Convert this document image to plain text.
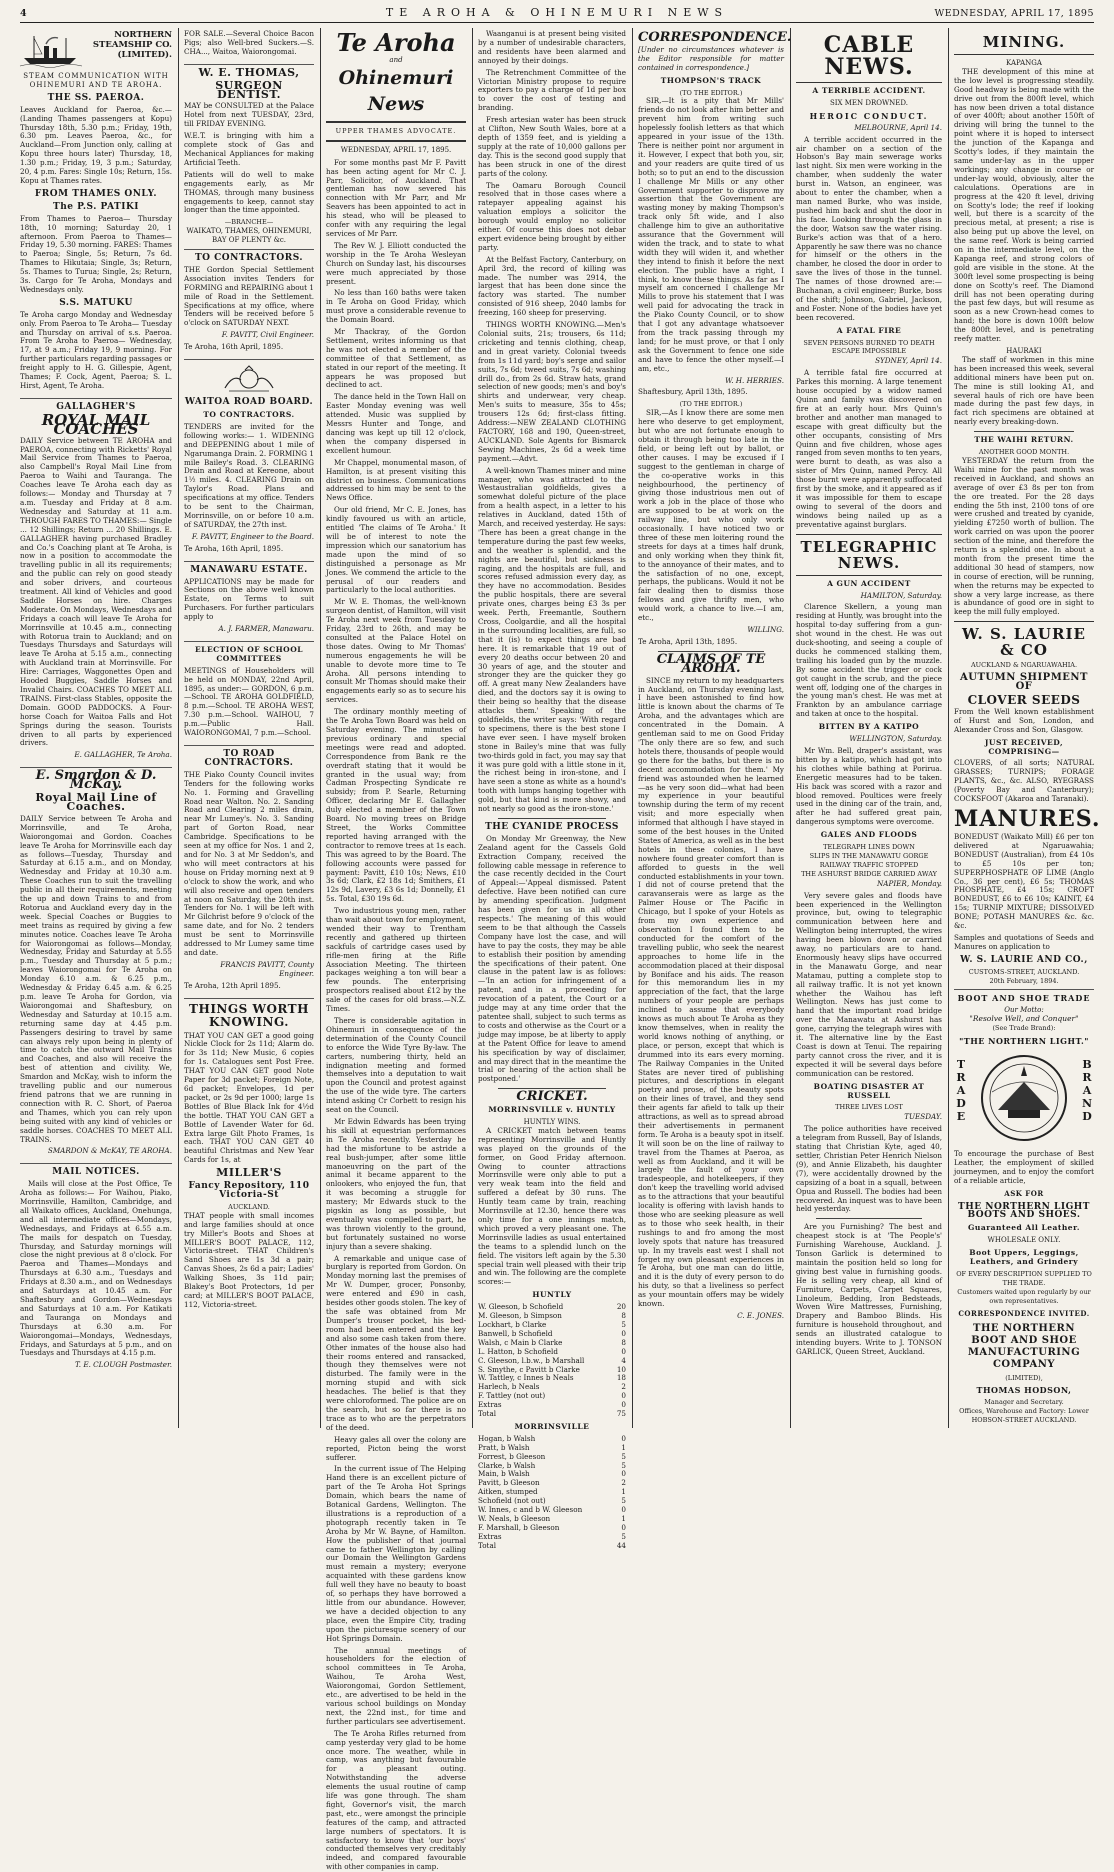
4	TE AROHA & OHINEMURI NEWS	WEDNESDAY, APRIL 17, 1895
NORTHERN STEAMSHIP CO. (LIMITED).
STEAM COMMUNICATION WITH OHINEMURI AND TE AROHA.
THE SS. PAEROA.

Leaves Auckland for Paeroa, &c.—(Landing Thames passengers at Kopu) Thursday 18th, 5.30 p.m.; Friday, 19th, 6.30 pm. Leaves Paeroa, &c., for Auckland—From Junction only, calling at Kopu three hours later) Thursday, 18, 1.30 p.m.; Friday, 19, 3 p.m.; Saturday, 20, 4 p.m. Fares: Single 10s; Return, 15s. Kopu at Thames rates.

FROM THAMES ONLY.
The P.S. PATIKI

From Thames to Paeroa— Thursday 18th, 10 morning; Saturday 20, 1 afternoon. From Paeroa to Thames— Friday 19, 5.30 morning. FARES: Thames to Paeroa; Single, 5s; Return, 7s 6d. Thames to Hikutaia; Single, 3s; Return, 5s. Thames to Turua; Single, 2s; Return, 3s. Cargo for Te Aroha, Mondays and Wednesdays only.

S.S. MATUKU

Te Aroha cargo Monday and Wednesday only. From Paeroa to Te Aroha— Tuesday and Thursday on arrival of s.s. Paeroa. From Te Aroha to Paeroa— Wednesday, 17, at 9 a.m.; Friday 19, 9 morning. For further particulars regarding passages or freight apply to H. G. Gillespie, Agent, Thames; F. Cock, Agent, Paeroa; S. L. Hirst, Agent, Te Aroha.

GALLAGHER'S
ROYAL MAIL COACHES

DAILY Service between TE AROHA and PAEROA, connecting with Ricketts' Royal Mail Service from Thames to Paeroa, also Campbell's Royal Mail Line from Paeroa to Waihi and Tauranga. The Coaches leave Te Aroha each day as follows:— Monday and Thursday at 7 a.m. Tuesday and Friday at 8 a.m. Wednesday and Saturday at 11 a.m. THROUGH FARES TO THAMES:— Single ... 12 Shillings; Return ... 20 Shillings. E. GALLAGHER having purchased Bradley and Co.'s Coaching plant at Te Aroha, is now in a position to accommodate the travelling public in all its requirements; and the public can rely on good steady and sober drivers, and courteous treatment. All kind of Vehicles and good Saddle Horses on hire. Charges Moderate. On Mondays, Wednesdays and Fridays a coach will leave Te Aroha for Morrinsville at 10.45 a.m., connecting with Rotorua train to Auckland; and on Tuesdays Thursdays and Saturdays will leave Te Aroha at 5.15 a.m., connecting with Auckland train at Morrinsville. For Hire: Carriages, Waggonettes Open and Hooded Buggies, Saddle Horses and Invalid Chairs. COACHES TO MEET ALL TRAINS. First-class Stables, opposite the Domain. GOOD PADDOCKS. A Four-horse Coach for Waitoa Falls and Hot Springs during the season. Tourists driven to all parts by experienced drivers.

E. GALLAGHER, Te Aroha.
E. Smardon & D. McKay.
Royal Mail Line of Coaches.

DAILY Service between Te Aroha and Morrinsville, and Te Aroha, Waiorongomai and Gordon. Coaches leave Te Aroha for Morrinsville each day as follows—Tuesday, Thursday and Saturday at 6.15 a.m., and on Monday, Wednesday and Friday at 10.30 a.m. These Coaches run to suit the travelling public in all their requirements, meeting the up and down Trains to and from Rotorua and Auckland every day in the week. Special Coaches or Buggies to meet trains as required by giving a few minutes notice. Coaches leave Te Aroha for Waiorongomai as follows—Monday, Wednesday, Friday and Saturday at 5.55 p.m., Tuesday and Thursday at 5 p.m.; leaves Waiorongomai for Te Aroha on Monday 6.10 a.m. & 6.25 p.m., Wednesday & Friday 6.45 a.m. & 6.25 p.m. leave Te Aroha for Gordon, via Waiorongomai and Shaftesbury, on Wednesday and Saturday at 10.15 a.m. returning same day at 4.45 p.m. Passengers desiring to travel by same can always rely upon being in plenty of time to catch the outward Mail Trains and Coaches, and also will receive the best of attention and civility. We, Smardon and McKay, wish to inform the travelling public and our numerous friend patrons that we are running in connection with R. C. Short, of Paeroa and Thames, which you can rely upon being suited with any kind of vehicles or saddle horses. COACHES TO MEET ALL TRAINS.

SMARDON & McKAY, TE AROHA.
MAIL NOTICES.

Mails will close at the Post Office, Te Aroha as follows:— For Waihou, Piako, Morrinsville, Hamilton, Cambridge, and all Waikato offices, Auckland, Onehunga, and all intermediate offices—Mondays, Wednesdays, and Fridays at 6.55 a.m. The mails for despatch on Tuesday, Thursday, and Saturday mornings will close the night previous at 8 o'clock. For Paeroa and Thames—Mondays and Thursdays at 6.30 a.m., Tuesdays and Fridays at 8.30 a.m., and on Wednesdays and Saturdays at 10.45 a.m. For Shaftesbury and Gordon—Wednesdays and Saturdays at 10 a.m. For Katikati and Tauranga on Mondays and Thursdays at 6.30 a.m. For Waiorongomai—Mondays, Wednesdays, Fridays, and Saturdays at 5 p.m., and on Tuesdays and Thursdays at 4.15 p.m.

T. E. CLOUGH Postmaster.

FOR SALE.—Several Choice Bacon Pigs; also Well-bred Suckers.—S. CHA..., Waitoa, Waiorongomai.

W. E. THOMAS,
SURGEON DENTIST.

MAY be CONSULTED at the Palace Hotel from next TUESDAY, 23rd, till FRIDAY EVENING.

W.E.T. is bringing with him a complete stock of Gas and Mechanical Appliances for making Artificial Teeth.

Patients will do well to make engagements early, as Mr THOMAS, through many business engagements to keep, cannot stay longer than the time appointed.

—BRANCHE—
WAIKATO, THAMES, OHINEMURI, BAY OF PLENTY &c.
TO CONTRACTORS.

THE Gordon Special Settlement Association invites Tenders for FORMING and REPAIRING about 1 mile of Road in the Settlement. Specifications at my office, where Tenders will be received before 5 o'clock on SATURDAY NEXT.

F. PAVITT, Civil Engineer.

Te Aroha, 16th April, 1895.

WAITOA ROAD BOARD.
TO CONTRACTORS.

TENDERS are invited for the following works:— 1. WIDENING and DEEPENING about 1 mile of Ngarumanga Drain. 2. FORMING 1 mile Bailey's Road. 3. CLEARING Drain and Road at Kereone, about 1½ miles. 4. CLEARING Drain on Taylor's Road. Plans and specifications at my office. Tenders to be sent to the Chairman, Morrinsville, on or before 10 a.m. of SATURDAY, the 27th inst.

F. PAVITT, Engineer to the Board.

Te Aroha, 16th April, 1895.

MANAWARU ESTATE.

APPLICATIONS may be made for Sections on the above well known Estate, on Terms to suit Purchasers. For further particulars apply to

A. J. FARMER, Manawaru.
ELECTION OF SCHOOL COMMITTEES

MEETINGS of Householders will be held on MONDAY, 22nd April, 1895, as under:— GORDON, 6 p.m.—School. TE AROHA GOLDFIELD, 8 p.m.—School. TE AROHA WEST, 7.30 p.m.—School. WAIHOU, 7 p.m.—Public Hall. WAIORONGOMAI, 7 p.m.—School.

TO ROAD CONTRACTORS.

THE Piako County Council invites Tenders for the following works No. 1. Forming and Gravelling Road near Walton. No. 2. Sanding Road and Clearing 2 miles drain, near Mr Lumey's. No. 3. Sanding part of Gorton Road, near Cambridge. Specifications to be seen at my office for Nos. 1 and 2, and for No. 3 at Mr Seddon's, and who will meet contractors at his house on Friday morning next at 9 o'clock to show the work, and who will also receive and open tenders at noon on Saturday, the 20th inst. Tenders for No. 1 will be left with Mr Gilchrist before 9 o'clock of the same date, and for No. 2 tenders must be sent to Morrinsville addressed to Mr Lumey same time and date.

FRANCIS PAVITT, County Engineer.

Te Aroha, 12th April 1895.

THINGS WORTH KNOWING.

THAT YOU CAN GET a good going Nickle Clock for 2s 11d; Alarm do. for 3s 11d; New Music, 6 copies for 1s. Catalogues sent Post Free. THAT YOU CAN GET good Note Paper for 3d packet; Foreign Note, 6d packet; Envelopes, 1d per packet, or 2s 9d per 1000; large 1s Bottles of Blue Black Ink for 4½d the bottle. THAT YOU CAN GET a Bottle of Lavender Water for 6d. Extra large Gilt Photo Frames, 1s each. THAT YOU CAN GET 40 beautiful Christmas and New Year Cards for 1s, at

MILLER'S
Fancy Repository, 110 Victoria-St
AUCKLAND.

THAT people with small incomes and large families should at once try Miller's Boots and Shoes at MILLER'S BOOT PALACE, 112, Victoria-street. THAT Children's Sand Shoes are 1s 3d a pair; Canvas Shoes, 2s 6d a pair; Ladies' Walking Shoes, 3s 11d pair; Blakey's Boot Protectors, 1d per card; at MILLER'S BOOT PALACE, 112, Victoria-street.

Te Aroha
and
Ohinemuri News
UPPER THAMES ADVOCATE.
WEDNESDAY, APRIL 17, 1895.

For some months past Mr F. Pavitt has been acting agent for Mr C. J. Parr, Solicitor, of Auckland. That gentleman has now severed his connection with Mr Parr, and Mr Seavers has been appointed to act in his stead, who will be pleased to confer with any requiring the legal services of Mr Parr.

The Rev W. J. Elliott conducted the worship in the Te Aroha Wesleyan Church on Sunday last, his discourses were much appreciated by those present.

No less than 160 baths were taken in Te Aroha on Good Friday, which must prove a considerable revenue to the Domain Board.

Mr Thackray, of the Gordon Settlement, writes informing us that he was not elected a member of the committee of that Settlement, as stated in our report of the meeting. It appears he was proposed but declined to act.

The dance held in the Town Hall on Easter Monday evening was well attended. Music was supplied by Messrs Hunter and Tonge, and dancing was kept up till 12 o'clock, when the company dispersed in excellent humour.

Mr Chappel, monumental mason, of Hamilton, is at present visiting this district on business. Communications addressed to him may be sent to the News Office.

Our old friend, Mr C. E. Jones, has kindly favoured us with an article, entitled 'The claims of Te Aroha.' It will be of interest to note the impression which our sanatorium has made upon the mind of so distinguished a personage as Mr Jones. We commend the article to the perusal of our readers and particularly to the local authorities.

Mr W. E. Thomas, the well-known surgeon dentist, of Hamilton, will visit Te Aroha next week from Tuesday to Friday, 23rd to 26th, and may be consulted at the Palace Hotel on those dates. Owing to Mr Thomas' numerous engagements he will be unable to devote more time to Te Aroha. All persons intending to consult Mr Thomas should make their engagements early so as to secure his services.

The ordinary monthly meeting of the Te Aroha Town Board was held on Saturday evening. The minutes of previous ordinary and special meetings were read and adopted. Correspondence from Bank re the overdraft stating that it would be granted in the usual way; from Cadman Prospecting Syndicate re subsidy; from P. Searle, Returning Officer, declaring Mr E. Gallagher duly elected a member of the Town Board. No moving trees on Bridge Street, the Works Committee reported having arranged with the contractor to remove trees at 1s each. This was agreed to by the Board. The following accounts were passed for payment: Pavitt, £10 10s; News, £10 3s 6d; Clark, £2 18s 1d; Smithers, £1 12s 9d, Lavery, £3 6s 1d; Donnelly, £1 5s. Total, £30 19s 6d.

Two industrious young men, rather than wait about town for employment, wended their way to Trentham recently and gathered up thirteen sackfuls of cartridge cases used by rifle-men firing at the Rifle Association Meeting. The thirteen packages weighing a ton will bear a few pounds. The enterprising prospectors realised about £12 by the sale of the cases for old brass.—N.Z. Times.

There is considerable agitation in Ohinemuri in consequence of the determination of the County Council to enforce the Wide Tyre By-law. The carters, numbering thirty, held an indignation meeting and formed themselves into a deputation to wait upon the Council and protest against the use of the wide tyre. The carters intend asking Cr Corbett to resign his seat on the Council.

Mr Edwin Edwards has been trying his skill at equestrian performances in Te Aroha recently. Yesterday he had the misfortune to be astride a real bush-jumper, after some little manoeuvring on the part of the animal it became apparent to the onlookers, who enjoyed the fun, that it was becoming a struggle for mastery; Mr Edwards stuck to the pigskin as long as possible, but eventually was compelled to part, he was thrown violently to the ground, but fortunately sustained no worse injury than a severe shaking.

A remarkable and unique case of burglary is reported from Gordon. On Monday morning last the premises of Mr W. Dumper, grocer, Ponsonby, were entered and £90 in cash, besides other goods stolen. The key of the safe was obtained from Mr Dumper's trouser pocket, his bed-room had been entered and the key and also some cash taken from there. Other inmates of the house also had their rooms entered and ransacked, though they themselves were not disturbed. The family were in the morning stupid and with sick headaches. The belief is that they were chloroformed. The police are on the search, but so far there is no trace as to who are the perpetrators of the deed.

Heavy gales all over the colony are reported, Picton being the worst sufferer.

In the current issue of The Helping Hand there is an excellent picture of part of the Te Aroha Hot Springs Domain, which bears the name of Botanical Gardens, Wellington. The illustrations is a reproduction of a photograph recently taken in Te Aroha by Mr W. Bayne, of Hamilton. How the publisher of that journal came to father Wellington by calling our Domain the Wellington Gardens must remain a mystery; everyone acquainted with these gardens know full well they have no beauty to boast of, so perhaps they have borrowed a little from our abundance. However, we have a decided objection to any place, even the Empire City, trading upon the picturesque scenery of our Hot Springs Domain.

The annual meetings of householders for the election of school committees in Te Aroha, Waihou, Te Aroha West, Waiorongomai, Gordon Settlement, etc., are advertised to be held in the various school buildings on Monday next, the 22nd inst., for time and further particulars see advertisement.

The Te Aroha Rifles returned from camp yesterday very glad to be home once more. The weather, while in camp, was anything but favourable for a pleasant outing. Notwithstanding the adverse elements the usual routine of camp life was gone through. The sham fight, Governor's visit, the march past, etc., were amongst the principle features of the camp, and attracted large numbers of spectators. It is satisfactory to know that 'our boys' conducted themselves very creditably indeed, and compared favourable with other companies in camp.

Waanganui is at present being visited by a number of undesirable characters, and residents have been alarmed and annoyed by their doings.

The Retrenchment Committee of the Victorian Ministry propose to require exporters to pay a charge of 1d per box to cover the cost of testing and branding.

Fresh artesian water has been struck at Clifton, New South Wales, bore at a depth of 1359 feet, and is yielding a supply at the rate of 10,000 gallons per day. This is the second good supply that has been struck in one of the direst parts of the colony.

The Oamaru Borough Council resolved that in those cases where a ratepayer appealing against his valuation employs a solicitor the borough would employ no solicitor either. Of course this does not debar expert evidence being brought by either party.

At the Belfast Factory, Canterbury, on April 3rd, the record of killing was made. The number was 2914, the largest that has been done since the factory was started. The number consisted of 916 sheep, 2040 lambs for freezing, 160 sheep for preserving.

THINGS WORTH KNOWING.—Men's Colonial suits, 21s; trousers, 6s 11d; cricketing and tennis clothing, cheap, and in great variety. Colonial tweeds from 1s 11d yard; boy's serge and sailor suits, 7s 6d; tweed suits, 7s 6d; washing drill do., from 2s 6d. Straw hats, grand selection of new goods; men's and boy's shirts and underwear, very cheap. Men's suits to measure, 35s to 45s; trousers 12s 6d; first-class fitting. Address:—NEW ZEALAND CLOTHING FACTORY, 168 and 190, Queen-street, AUCKLAND. Sole Agents for Bismarck Sewing Machines, 2s 6d a week time payment.—Advt.

A well-known Thames miner and mine manager, who was attracted to the Westaustralian goldfields, gives a somewhat doleful picture of the place from a health aspect, in a letter to his relatives in Auckland, dated 15th of March, and received yesterday. He says: 'There has been a great change in the temperature during the past few weeks, and the weather is splendid, and the nights are beautiful, but sickness is raging, and the hospitals are full, and scores refused admission every day, as they have no accommodation. Besides the public hospitals, there are several private ones, charges being £3 3s per week. Perth, Freemantle, Southern Cross, Coolgardie, and all the hospital in the surrounding localities, are full, so that it (is) to expect things are bad here. It is remarkable that 19 out of every 20 deaths occur between 20 and 30 years of age, and the stouter and stronger they are the quicker they go off. A great many New Zealanders have died, and the doctors say it is owing to their being so healthy that the disease attacks them.' Speaking of the goldfields, the writer says: 'With regard to specimens, there is the best stone I have ever seen. I have myself broken stone in Bailey's mine that was fully two-thirds gold in fact, you may say that it was pure gold with a little stone in it, the richest being in iron-stone, and I have seen a stone as white as a hound's tooth with lumps hanging together with gold, but that kind is more showy, and not nearly so good as the iron-stone.'

THE CYANIDE PROCESS

On Monday Mr Greenway, the New Zealand agent for the Cassels Gold Extraction Company, received the following cable message in reference to the case recently decided in the Court of Appeal:—'Appeal dismissed. Patent defective. Have been notified can cure by amending specification. Judgment has been given for us in all other respects.' The meaning of this would seem to be that although the Cassels Company have lost the case, and will have to pay the costs, they may be able to establish their position by amending the specifications of their patent. One clause in the patent law is as follows:—'In an action for infringement of a patent, and in a proceeding for revocation of a patent, the Court or a judge may at any time order that the patentee shall, subject to such terms as to costs and otherwise as the Court or a judge may impose, be at liberty to apply at the Patent Office for leave to amend his specification by way of disclaimer, and may direct that in the meantime the trial or hearing of the action shall be postponed.'

CRICKET.
MORRINSVILLE v. HUNTLY
HUNTLY WINS.

A CRICKET match between teams representing Morrinsville and Huntly was played on the grounds of the former, on Good Friday afternoon. Owing to counter attractions Morrinsville were only able to put a very weak team into the field and suffered a defeat by 30 runs. The Huntly team came by train, reaching Morrinsville at 12.30, hence there was only time for a one innings match, which proved a very pleasant one. The Morrinsville ladies as usual entertained the teams to a splendid lunch on the field. The visitors left again by the 5.30 special train well pleased with their trip and win. The following are the complete scores:—

HUNTLY
W. Gleeson, b Schofield	20
M. Gleeson, b Simpson	8
Lockhart, b Clarke	5
Banwell, b Schofield	0
Walsh, c Main b Clarke	8
L. Hatton, b Schofield	0
C. Gleeson, l.b.w., b Marshall	4
S. Smythe, c Pavitt b Clarke	10
W. Tattley, c Innes b Neals	18
Harlech, b Neals	2
F. Tattley (not out)	0
Extras	0
Total	75
MORRINSVILLE
Hogan, b Walsh	0
Pratt, b Walsh	1
Forrest, b Gleeson	5
Clarke, b Walsh	5
Main, b Walsh	0
Pavitt, b Gleeson	2
Aitken, stumped	1
Schofield (not out)	5
W. Innes, c and b W. Gleeson	0
W. Neals, b Gleeson	1
F. Marshall, b Gleeson	0
Extras	5
Total	44
CORRESPONDENCE.

[Under no circumstances whatever is the Editor responsible for matter contained in correspondence.]

THOMPSON'S TRACK
(TO THE EDITOR.)

SIR,—It is a pity that Mr Mills' friends do not look after him better and prevent him from writing such hopelessly foolish letters as that which appeared in your issue of the 13th. There is neither point nor argument in it. However, I expect that both you, sir, and your readers are quite tired of us both; so to put an end to the discussion I challenge Mr Mills or any other Government supporter to disprove my assertion that the Government are wasting money by making Thompson's track only 5ft wide, and I also challenge him to give an authoritative assurance that the Government will widen the track, and to state to what width they will widen it, and whether they intend to finish it before the next election. The public have a right, I think, to know these things. As far as I myself am concerned I challenge Mr Mills to prove his statement that I was well paid for advocating the track in the Piako County Council, or to show that I got any advantage whatsoever from the track passing through my land; for he must prove, or that I only ask the Government to fence one side and have to fence the other myself.—I am, etc.,

W. H. HERRIES.

Shaftesbury, April 13th, 1895.

(TO THE EDITOR.)

SIR,—As I know there are some men here who deserve to get employment, but who are not fortunate enough to obtain it through being too late in the field, or being left out by ballot, or other causes. I may be excused if I suggest to the gentleman in charge of the co-operative works in this neighbourhood, the pertinency of giving those industrious men out of work a job in the place of those who are supposed to be at work on the railway line, but who only work occasionally. I have noticed two or three of these men loitering round the streets for days at a times half drunk, and only working when they think fit, to the annoyance of their mates, and to the satisfaction of no one, except, perhaps, the publicans. Would it not be fair dealing then to dismiss those fellows and give thrifty men, who would work, a chance to live.—I am, etc.,

WILLING.

Te Aroha, April 13th, 1895.

CLAIMS OF TE AROHA.

SINCE my return to my headquarters in Auckland, on Thursday evening last, I have been astonished to find how little is known about the charms of Te Aroha, and the advantages which are concentrated in the Domain. A gentleman said to me on Good Friday 'The only there are so few, and such hotels there, thousands of people would go there for the baths, but there is no decent accommodation for them.' My friend was astounded when he learned—as he very soon did—what had been my experience in your beautiful township during the term of my recent visit; and more especially when informed that although I have stayed in some of the best houses in the United States of America, as well as in the best hotels in these colonies, I have nowhere found greater comfort than is afforded to guests in the well conducted establishments in your town. I did not of course pretend that the caravanserais were as large as the Palmer House or The Pacific in Chicago, but I spoke of your Hotels as from my own experience and observation I found them to be conducted for the comfort of the travelling public, who seek the nearest approaches to home life in the accommodation placed at their disposal by Boniface and his aids. The reason for this memorandum lies in my appreciation of the fact, that the large numbers of your people are perhaps inclined to assume that everybody knows as much about Te Aroha as they know themselves, when in reality the world knows nothing of anything, or place, or person, except that which is drummed into its ears every morning. The Railway Companies in the United States are never tired of publishing pictures, and descriptions in elegant poetry and prose, of the beauty spots on their lines of travel, and they send their agents far afield to talk up their attractions, as well as to spread abroad their advertisements in permanent form. Te Aroha is a beauty spot in itself. It will soon be on the line of railway to travel from the Thames at Paeroa, as well as from Auckland, and it will be largely the fault of your own tradespeople, and hotelkeepers, if they don't keep the travelling world advised as to the attractions that your beautiful locality is offering with lavish hands to those who are seeking pleasure as well as to those who seek health, in their rushings to and fro among the most lovely spots that nature has treasured up. In my travels east west I shall not forget my own pleasant experiences in Te Aroha, but one man can do little, and it is the duty of every person to do his duty, so that a liveliness so perfect as your mountain offers may be widely known.

C. E. JONES.
CABLE NEWS.
A TERRIBLE ACCIDENT.
SIX MEN DROWNED.
HEROIC CONDUCT.
MELBOURNE, April 14.

A terrible accident occurred in the air chamber on a section of the Hobson's Bay main sewerage works last night. Six men were working in the chamber, when suddenly the water burst in. Watson, an engineer, was about to enter the chamber, when a man named Burke, who was inside, pushed him back and shut the door in his face. Looking through the glass in the door, Watson saw the water rising. Burke's action was that of a hero. Apparently he saw there was no chance for himself or the others in the chamber, he closed the door in order to save the lives of those in the tunnel. The names of those drowned are:—Buchanan, a civil engineer; Burke, boss of the shift; Johnson, Gabriel, Jackson, and Foster. None of the bodies have yet been recovered.

A FATAL FIRE
SEVEN PERSONS BURNED TO DEATH
ESCAPE IMPOSSIBLE
SYDNEY, April 14.

A terrible fatal fire occurred at Parkes this morning. A large tenement house occupied by a widow named Quinn and family was discovered on fire at an early hour. Mrs Quinn's brother and another man managed to escape with great difficulty but the other occupants, consisting of Mrs Quinn and five children, whose ages ranged from seven months to ten years, were burnt to death, as was also a sister of Mrs Quinn, named Percy. All those burnt were apparently suffocated first by the smoke, and it appeared as if it was impossible for them to escape owing to several of the doors and windows being nailed up as a preventative against burglars.

TELEGRAPHIC NEWS.
A GUN ACCIDENT
HAMILTON, Saturday.

Clarence Skellern, a young man residing at Huntly, was brought into the hospital to-day suffering from a gun-shot wound in the chest. He was out duck-shooting, and seeing a couple of ducks he commenced stalking them, trailing his loaded gun by the muzzle. By some accident the trigger or cock got caught in the scrub, and the piece went off, lodging one of the charges in the young man's chest. He was met at Frankton by an ambulance carriage and taken at once to the hospital.

BITTEN BY A KATIPO
WELLINGTON, Saturday.

Mr Wm. Bell, draper's assistant, was bitten by a katipo, which had got into his clothes while bathing at Porirua. Energetic measures had to be taken. His back was scored with a razor and blood removed. Poultices were freely used in the dining car of the train, and, after he had suffered great pain, dangerous symptoms were overcome.

GALES AND FLOODS
TELEGRAPH LINES DOWN
SLIPS IN THE MANAWATU GORGE
RAILWAY TRAFFIC STOPPED
THE ASHURST BRIDGE CARRIED AWAY
NAPIER, Monday.

Very severe gales and floods have been experienced in the Wellington province, but, owing to telegraphic communication between here and Wellington being interrupted, the wires having been blown down or carried away, no particulars are to hand. Enormously heavy slips have occurred in the Manawatu Gorge, and near Matamau, putting a complete stop to all railway traffic. It is not yet known whether the Waihou has left Wellington. News has just come to hand that the important road bridge over the Manawatu at Ashurst has gone, carrying the telegraph wires with it. The alternative line by the East Coast is down at Tenui. The repairing party cannot cross the river, and it is expected it will be several days before communication can be restored.

BOATING DISASTER AT RUSSELL
THREE LIVES LOST
TUESDAY.

The police authorities have received a telegram from Russell, Bay of Islands, stating that Christian Kyte, aged 40, settler, Christian Peter Henrich Nielson (9), and Annie Elizabeth, his daughter (7), were accidentally drowned by the capsizing of a boat in a squall, between Opua and Russell. The bodies had been recovered. An inquest was to have been held yesterday.

Are you Furnishing? The best and cheapest stock is at 'The People's' Furnishing Warehouse, Auckland. J. Tonson Garlick is determined to maintain the position held so long for giving best value in furnishing goods. He is selling very cheap, all kind of Furniture, Carpets, Carpet Squares, Linoleum, Bedding, Iron Bedsteads, Woven Wire Mattresses, Furnishing, Drapery and Bamboo Blinds. His furniture is household throughout, and sends an illustrated catalogue to intending buyers. Write to J. TONSON GARLICK, Queen Street, Auckland.

MINING.
KAPANGA

THE development of this mine at the low level is progressing steadily. Good headway is being made with the drive out from the 800ft level, which has now been driven a total distance of over 400ft; about another 150ft of driving will bring the tunnel to the point where it is hoped to intersect the junction of the Kapanga and Scotty's lodes, if they maintain the same under-lay as in the upper workings; any change in course or under-lay would, obviously, alter the calculations. Operations are in progress at the 420 ft level, driving on Scotty's lode; the reef if looking well, but there is a scarcity of the precious metal, at present; a rise is also being put up above the level, on the same reef. Work is being carried on in the intermediate level, on the Kapanga reef, and strong colors of gold are visible in the stone. At the 300ft level some prospecting is being done on Scotty's reef. The Diamond drill has not been operating during the past few days, but will resume as soon as a new Crown-head comes to hand; the bore is down 100ft below the 800ft level, and is penetrating reefy matter.

HAURAKI

The staff of workmen in this mine has been increased this week, several additional miners have been put on. The mine is still looking A1, and several hauls of rich ore have been made during the past few days, in fact rich specimens are obtained at nearly every breaking-down.

THE WAIHI RETURN.
ANOTHER GOOD MONTH.

YESTERDAY the return from the Waihi mine for the past month was received in Auckland, and shows an average of over £3 8s per ton from the ore treated. For the 28 days ending the 5th inst, 2100 tons of ore were crushed and treated by cyanide, yielding £7250 worth of bullion. The work carried on was upon the poorer section of the mine, and therefore the return is a splendid one. In about a month from the present time the additional 30 head of stampers, now in course of erection, will be running, when the returns may be expected to show a very large increase, as there is abundance of good ore in sight to keep the mill fully employed.

W. S. LAURIE & CO
AUCKLAND & NGARUAWAHIA.
AUTUMN SHIPMENT OF
CLOVER SEEDS

From the Well known establishment of Hurst and Son, London, and Alexander Cross and Son, Glasgow.

JUST RECEIVED, COMPRISING—

CLOVERS, of all sorts; NATURAL GRASSES; TURNIPS; FORAGE PLANTS, &c., &c. ALSO, RYEGRASS (Poverty Bay and Canterbury); COCKSFOOT (Akaroa and Taranaki).

MANURES.

BONEDUST (Waikato Mill) £6 per ton delivered at Ngaruawahia; BONEDUST (Australian), from £4 10s to £5 10s per ton; SUPERPHOSPHATE OF LIME (Anglo Co., 36 per cent), £6 5s; THOMAS PHOSPHATE, £4 15s; CROFT BONEDUST, £6 to £6 10s; KAINIT, £4 15s; TURNIP MIXTURE; DISSOLVED BONE; POTASH MANURES &c. &c. &c.

Samples and quotations of Seeds and Manures on application to

W. S. LAURIE AND CO.,
CUSTOMS-STREET, AUCKLAND.
20th February, 1894.
BOOT AND SHOE TRADE
Our Motto:
"Resolve Well, and Conquer"
(See Trade Brand):
"THE NORTHERN LIGHT."
T
R
A
D
E
B
R
A
N
D

To encourage the purchase of Best Leather, the employment of skilled journeymen, and to enjoy the comfort of a reliable article,

ASK FOR
THE NORTHERN LIGHT BOOTS AND SHOES.
Guaranteed All Leather.
WHOLESALE ONLY.
Boot Uppers, Leggings, Leathers, and Grindery
OF EVERY DESCRIPTION SUPPLIED TO THE TRADE.
Customers waited upon regularly by our own representatives.
CORRESPONDENCE INVITED.
THE NORTHERN BOOT AND SHOE MANUFACTURING COMPANY
(LIMITED),
THOMAS HODSON,
Manager and Secretary.
Offices, Warehouse and Factory: Lower HOBSON-STREET AUCKLAND.
